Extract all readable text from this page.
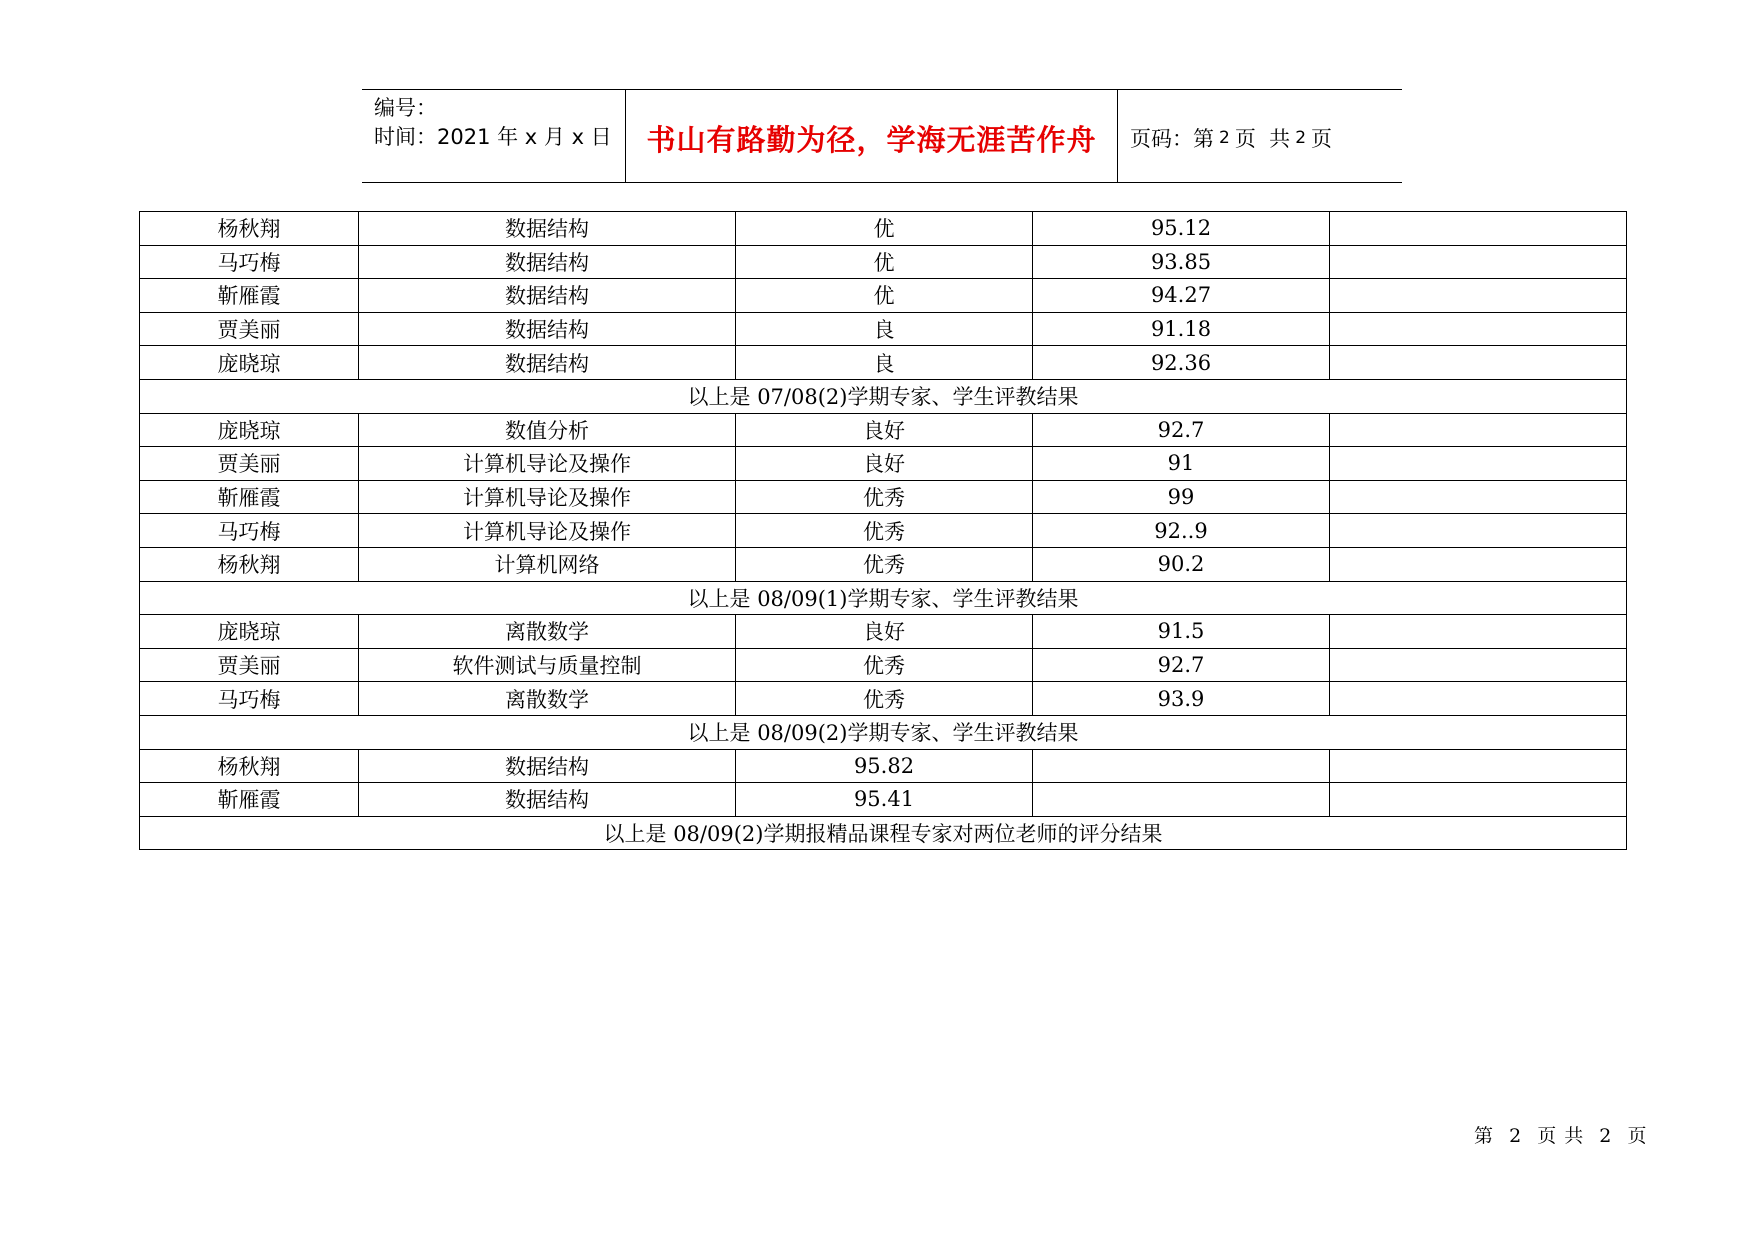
编号：
时间：2021 年 x 月 x 日	书山有路勤为径，学海无涯苦作舟 页码：第 2 页  共 2 页
杨秋翔	数据结构	优	95.12	
马巧梅	数据结构	优	93.85	
靳雁霞	数据结构	优	94.27	
贾美丽	数据结构	良	91.18	
庞晓琼	数据结构	良	92.36	
以上是 07/08(2)学期专家、学生评教结果				
庞晓琼	数值分析	良好	92.7	
贾美丽	计算机导论及操作	良好	91	
靳雁霞	计算机导论及操作	优秀	99	
马巧梅	计算机导论及操作	优秀	92..9	
杨秋翔	计算机网络	优秀	90.2	
以上是 08/09(1)学期专家、学生评教结果				
庞晓琼	离散数学	良好	91.5	
贾美丽	软件测试与质量控制	优秀	92.7	
马巧梅	离散数学	优秀	93.9	
以上是 08/09(2)学期专家、学生评教结果				
杨秋翔	数据结构	95.82		
靳雁霞	数据结构	95.41		
以上是 08/09(2)学期报精品课程专家对两位老师的评分结果				
第 2 页 共 2 页
